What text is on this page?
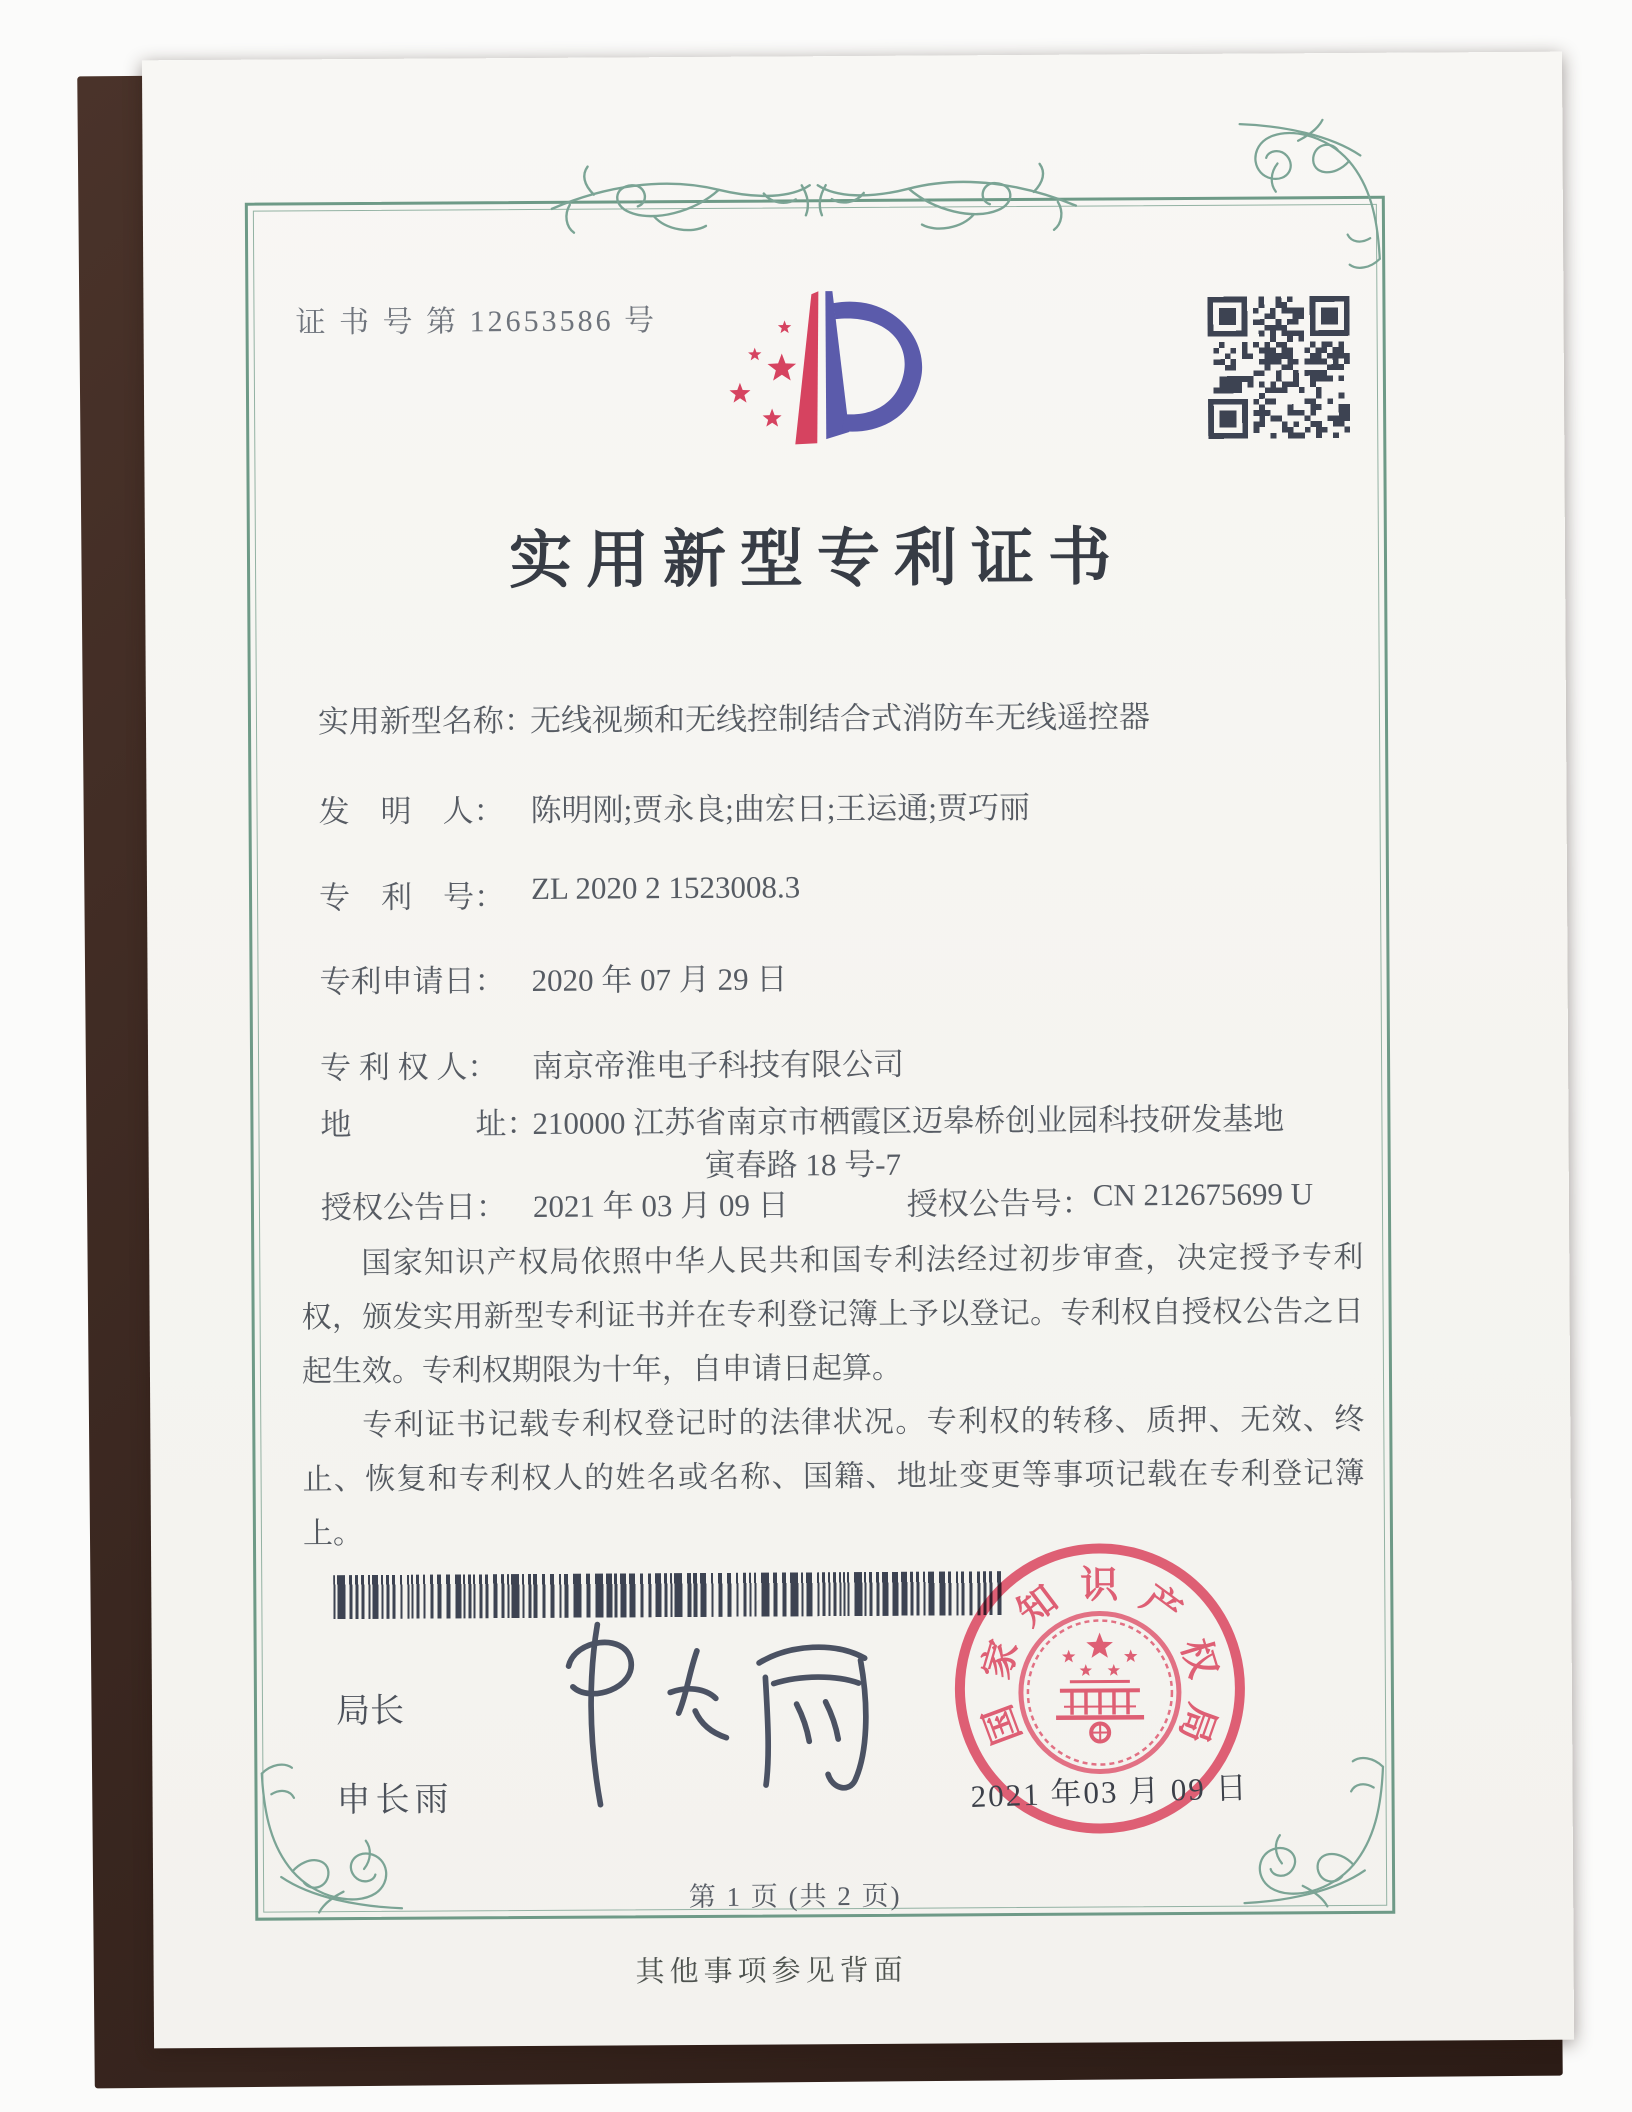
证 书 号 第 12653586 号
实用新型专利证书
实用新型名称：
无线视频和无线控制结合式消防车无线遥控器
发　明　人： 陈明刚;贾永良;曲宏日;王运通;贾巧丽
专　利　号： ZL 2020 2 1523008.3
专利申请日： 2020 年 07 月 29 日
专 利 权 人：	南京帝淮电子科技有限公司
地　　　　址：
210000 江苏省南京市栖霞区迈皋桥创业园科技研发基地
寅春路 18 号-7
授权公告日： 2021 年 03 月 09 日	授权公告号： CN 212675699 U

国家知识产权局依照中华人民共和国专利法经过初步审查，决定授予专利权，颁发实用新型专利证书并在专利登记簿上予以登记。专利权自授权公告之日起生效。专利权期限为十年，自申请日起算。

专利证书记载专利权登记时的法律状况。专利权的转移、质押、无效、终止、恢复和专利权人的姓名或名称、国籍、地址变更等事项记载在专利登记簿上。

局长
申长雨
国
家
知 识 产
权
局
2021 年03 月 09 日
第 1 页 (共 2 页)
其他事项参见背面
